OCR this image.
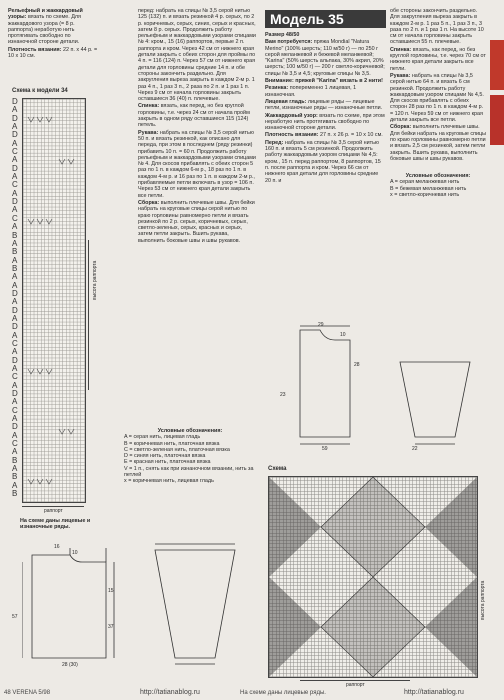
Рельефный и жаккардовый узоры: вязать по схеме. Для жаккардового узора (= 8 р. раппорта) неработую нить протягивать свободно по изнаночной стороне детали.

Плотность вязания: 22 п. x 44 р. = 10 x 10 см.

Схема к модели 34
DADADACADACADACABABABAADADADACADACADACADACABABAB
высота раппорта
раппорт
На схеме даны лицевые и изнаночные ряды.
16
10
15
37
57
28 (30)

перед: набрать на спицы № 3,5 серой нитью 125 (132) п. и вязать резинкой 4 р. серых, по 2 р. коричневых, серых, синих, серых и красных, затем 8 р. серых. Продолжить работу рельефным и жаккардовыми узорами спицами № 4: кром., 15 (16) раппортов, первые 2 п. раппорта и кром. Через 42 см от нижнего края детали закрыть с обеих сторон для проймы по 4 п. = 116 (124) п. Через 57 см от нижнего края детали для горловины средние 14 п. и обе стороны закончить раздельно. Для закругления выреза закрыть в каждом 2-м р. 1 раз 4 п., 1 раз 3 п., 2 раза по 2 п. и 1 раз 1 п. Через 9 см от начала горловины закрыть оставшиеся 36 (40) п. плечевые.

Спинка: вязать, как перед, но без круглой горловины, т.е. через 24 см от начала пройм закрыть в одном ряду оставшиеся 115 (124) петель.

Рукава: набрать на спицы № 3,5 серой нитью 50 п. и вязать резинкой, как описано для переда, при этом в последнем (ряду резинки) прибавить 10 п. = 60 п. Продолжить работу рельефным и жаккардовыми узорами спицами № 4. Для скосов прибавлять с обеих сторон 5 раз по 1 п. в каждом 6-м р., 18 раз по 1 п. в каждом 4-м р. и 16 раз по 1 п. в каждом 2-м р., прибавляемые петли включать в узор = 106 п. Через 53 см от нижнего края детали закрыть все петли.

Сборка: выполнить плечевые швы. Для бейки набрать на круговые спицы серой нитью по краю горловины равномерно петли и вязать резинкой по 2 р. серых, коричневых, серых, светло-зеленых, серых, красных и серых, затем петли закрыть. Вшить рукава, выполнить боковые швы и швы рукавов.

Условные обозначения:
A = серая нить, лицевая гладь
B = коричневая нить, платочная вязка
C = светло-зеленая нить, платочная вязка
D = синяя нить, платочная вязка
E = красная нить, платочная вязка
V = 1 п., снять как при изнаночном вязании, нить за петлей
x = коричневая нить, лицевая гладь
Модель 35

Размер 48/50

Вам потребуется: пряжа Mondial "Natura Merino" (100% шерсть; 110 м/50 г) — по 250 г серой меланжевой и бежевой меланжевой; "Karina" (50% шерсть альпака, 30% акрил, 20% шерсть; 100 м/50 г) — 200 г светло-коричневой; спицы № 3,5 и 4,5; круговые спицы № 3,5.

Внимание: пряжей "Karina" вязать в 2 нити!

Резинка: попеременно 1 лицевая, 1 изнаночная.

Лицевая гладь: лицевые ряды — лицевые петли, изнаночные ряды — изнаночные петли.

Жаккардовый узор: вязать по схеме, при этом неработую нить протягивать свободно по изнаночной стороне детали.

Плотность вязания: 27 п. x 26 р. = 10 x 10 см.

Перед: набрать на спицы № 3,5 серой нитью 160 п. и вязать 5 см резинкой. Продолжить работу жаккардовым узором спицами № 4,5: кром., 15 п. перед раппортом, 8 раппортов, 15 п. после раппорта и кром. Через 66 см от нижнего края детали для горловины средние 20 п. и

обе стороны закончить раздельно. Для закругления выреза закрыть в каждом 2-м р. 1 раз 5 п., 1 раз 3 п., 3 раза по 2 п. и 1 раз 1 п. На высоте 10 см от начала горловины закрыть оставшиеся 55 п. плечевые.

Спинка: вязать, как перед, но без круглой горловины, т.е. через 70 см от нижнего края детали закрыть все петли.

Рукава: набрать на спицы № 3,5 серой нитью 64 п. и вязать 6 см резинкой. Продолжить работу жаккардовым узором спицами № 4,5. Для скосов прибавлять с обеих сторон 28 раз по 1 п. в каждом 4-м р. = 120 п. Через 59 см от нижнего края детали закрыть все петли.

Сборка: выполнить плечевые швы. Для бейки набрать на круговые спицы по краю горловины равномерно петли и вязать 2,5 см резинкой, затем петли закрыть. Вшить рукава, выполнить боковые швы и швы рукавов.

Условные обозначения:
A = серая меланжевая нить
B = бежевая меланжевая нить
x = светло-коричневая нить
29
10
28
23
59	22
Схема
раппорт
высота раппорта
48 VERENA 5/98	http://tatianablog.ru	На схеме даны лицевые ряды.	http://tatianablog.ru
